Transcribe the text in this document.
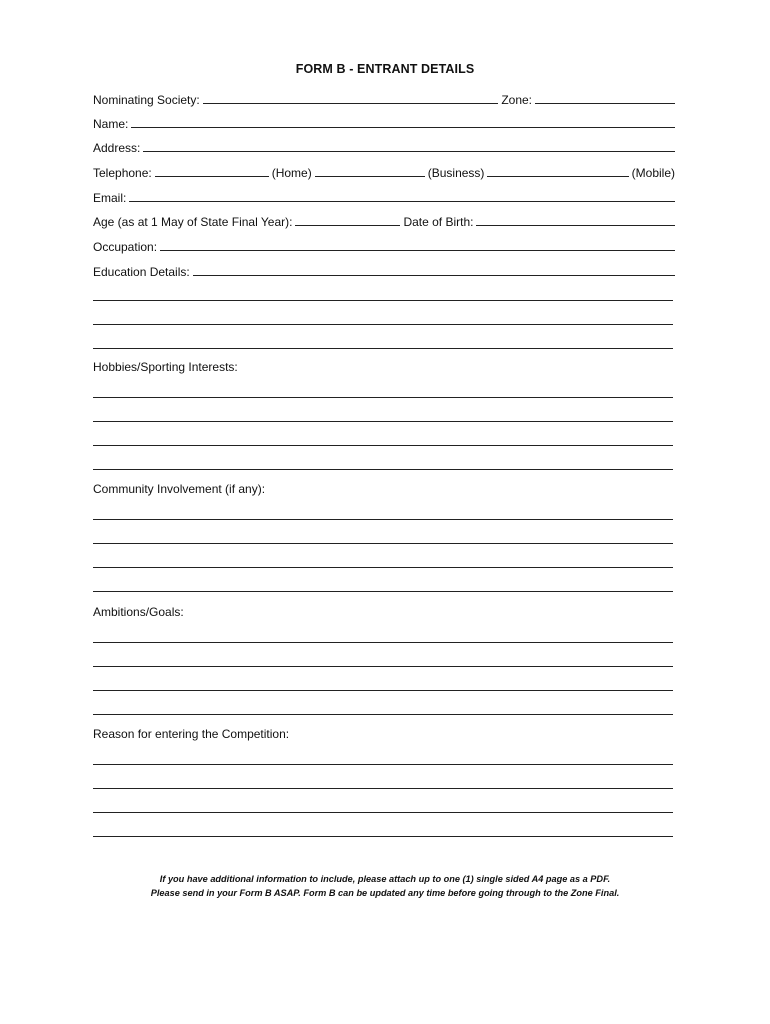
FORM B - ENTRANT DETAILS
Nominating Society:	Zone:
Name:
Address:
Telephone:	(Home)	(Business)	(Mobile)
Email:
Age (as at 1 May of State Final Year):	Date of Birth:
Occupation:
Education Details:
Hobbies/Sporting Interests:
Community Involvement (if any):
Ambitions/Goals:
Reason for entering the Competition:
If you have additional information to include, please attach up to one (1) single sided A4 page as a PDF.
Please send in your Form B ASAP. Form B can be updated any time before going through to the Zone Final.
